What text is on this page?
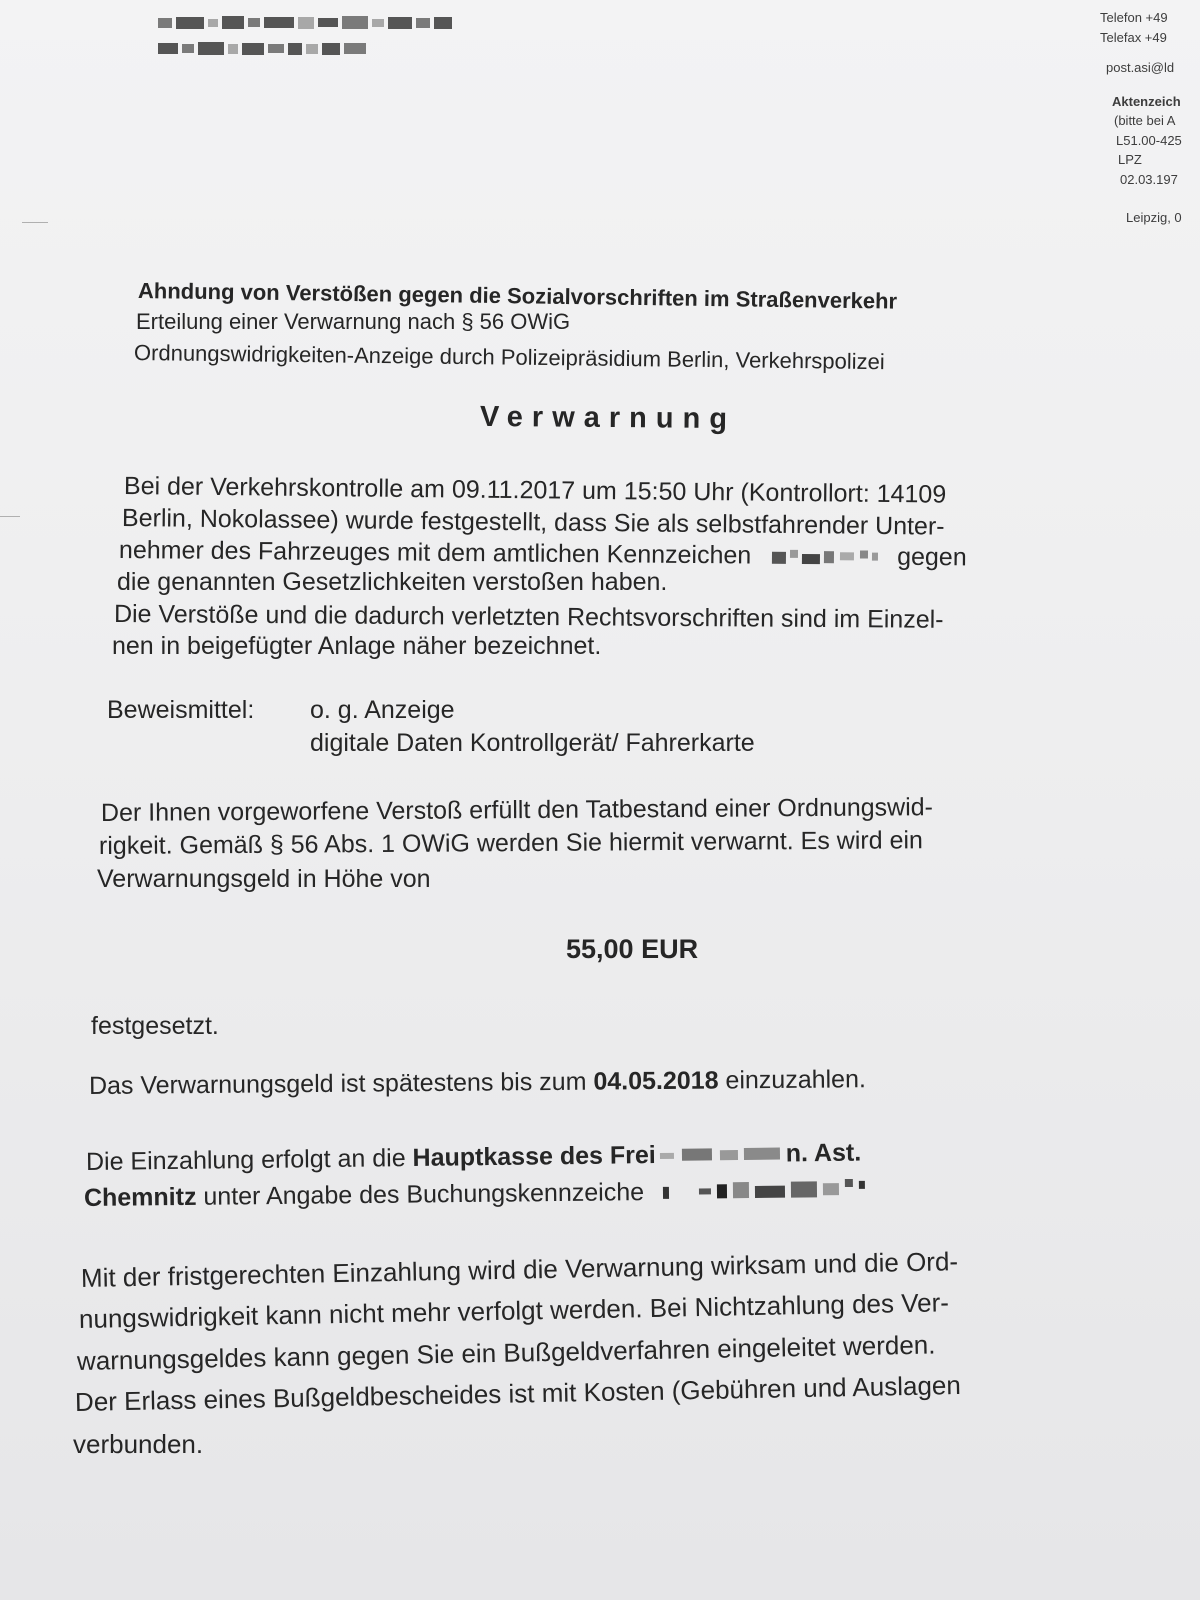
Telefon +49
Telefax +49
post.asi@ld
Aktenzeich
(bitte bei A
L51.00-425
LPZ
02.03.197
Leipzig, 0
Ahndung von Verstößen gegen die Sozialvorschriften im Straßenverkehr
Erteilung einer Verwarnung nach § 56 OWiG
Ordnungswidrigkeiten-Anzeige durch Polizeipräsidium Berlin, Verkehrspolizei
Verwarnung
Bei der Verkehrskontrolle am 09.11.2017 um 15:50 Uhr (Kontrollort: 14109
Berlin, Nokolassee) wurde festgestellt, dass Sie als selbstfahrender Unter-
nehmer des Fahrzeuges mit dem amtlichen Kennzeichen	gegen
die genannten Gesetzlichkeiten verstoßen haben.
Die Verstöße und die dadurch verletzten Rechtsvorschriften sind im Einzel-
nen in beigefügter Anlage näher bezeichnet.
Beweismittel: o. g. Anzeige
digitale Daten Kontrollgerät/ Fahrerkarte
Der Ihnen vorgeworfene Verstoß erfüllt den Tatbestand einer Ordnungswid-
rigkeit. Gemäß § 56 Abs. 1 OWiG werden Sie hiermit verwarnt. Es wird ein
Verwarnungsgeld in Höhe von
55,00 EUR
festgesetzt.
Das Verwarnungsgeld ist spätestens bis zum 04.05.2018 einzuzahlen.
Die Einzahlung erfolgt an die Hauptkasse des Frei	n. Ast.
Chemnitz unter Angabe des Buchungskennzeiche
Mit der fristgerechten Einzahlung wird die Verwarnung wirksam und die Ord-
nungswidrigkeit kann nicht mehr verfolgt werden. Bei Nichtzahlung des Ver-
warnungsgeldes kann gegen Sie ein Bußgeldverfahren eingeleitet werden.
Der Erlass eines Bußgeldbescheides ist mit Kosten (Gebühren und Auslagen
verbunden.
